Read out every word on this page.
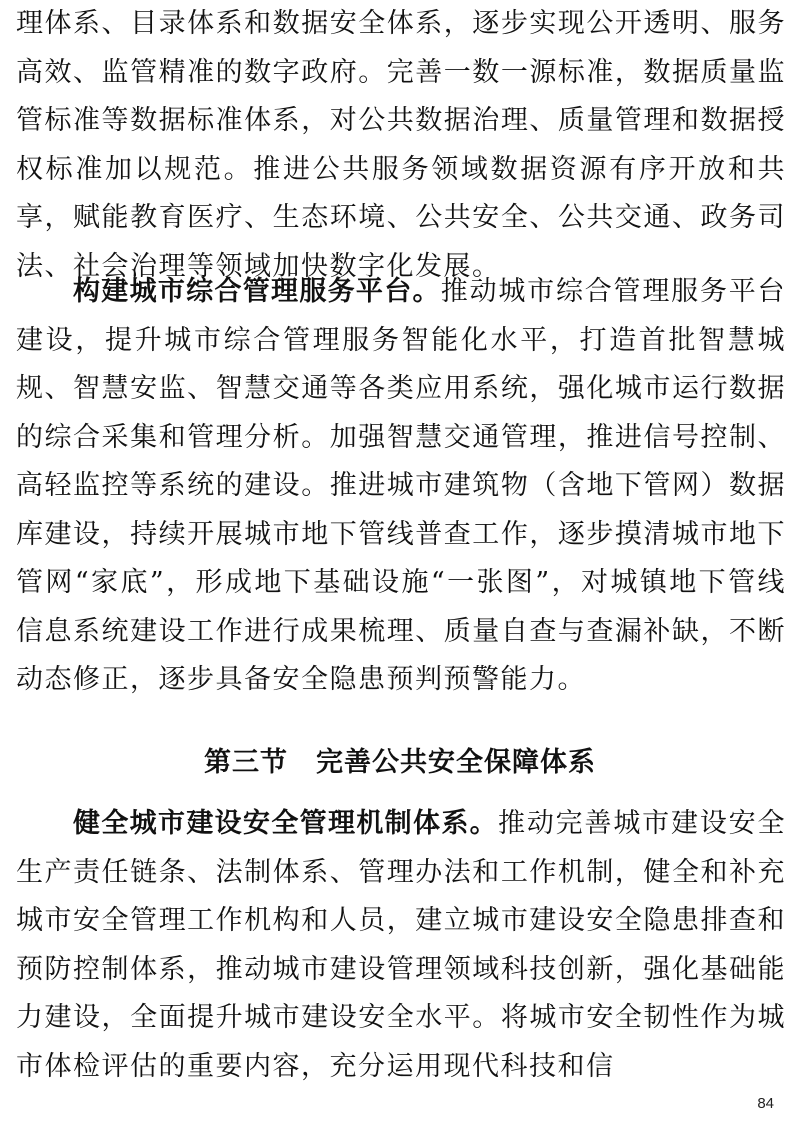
理体系、目录体系和数据安全体系，逐步实现公开透明、服务高效、监管精准的数字政府。完善一数一源标准，数据质量监管标准等数据标准体系，对公共数据治理、质量管理和数据授权标准加以规范。推进公共服务领域数据资源有序开放和共享，赋能教育医疗、生态环境、公共安全、公共交通、政务司法、社会治理等领域加快数字化发展。

构建城市综合管理服务平台。推动城市综合管理服务平台建设，提升城市综合管理服务智能化水平，打造首批智慧城规、智慧安监、智慧交通等各类应用系统，强化城市运行数据的综合采集和管理分析。加强智慧交通管理，推进信号控制、高轻监控等系统的建设。推进城市建筑物（含地下管网）数据库建设，持续开展城市地下管线普查工作，逐步摸清城市地下管网“家底”，形成地下基础设施“一张图”，对城镇地下管线信息系统建设工作进行成果梳理、质量自查与查漏补缺，不断动态修正，逐步具备安全隐患预判预警能力。

第三节　完善公共安全保障体系

健全城市建设安全管理机制体系。推动完善城市建设安全生产责任链条、法制体系、管理办法和工作机制，健全和补充城市安全管理工作机构和人员，建立城市建设安全隐患排查和预防控制体系，推动城市建设管理领域科技创新，强化基础能力建设，全面提升城市建设安全水平。将城市安全韧性作为城市体检评估的重要内容，充分运用现代科技和信

84
